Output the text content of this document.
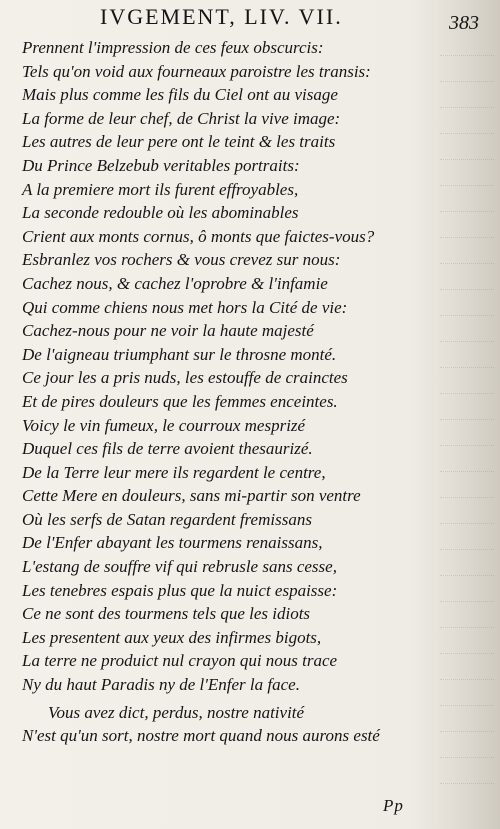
IVGEMENT, LIV. VII.	383
Prennent l'impression de ces feux obscurcis:
Tels qu'on void aux fourneaux paroistre les transis:
Mais plus comme les fils du Ciel ont au visage
La forme de leur chef, de Christ la vive image:
Les autres de leur pere ont le teint & les traits
Du Prince Belzebub veritables portraits:
A la premiere mort ils furent effroyables,
La seconde redouble où les abominables
Crient aux monts cornus, ô monts que faictes-vous?
Esbranlez vos rochers & vous crevez sur nous:
Cachez nous, & cachez l'oprobre & l'infamie
Qui comme chiens nous met hors la Cité de vie:
Cachez-nous pour ne voir la haute majesté
De l'aigneau triumphant sur le throsne monté.
Ce jour les a pris nuds, les estouffe de crainctes
Et de pires douleurs que les femmes enceintes.
Voicy le vin fumeux, le courroux mesprizé
Duquel ces fils de terre avoient thesaurizé.
De la Terre leur mere ils regardent le centre,
Cette Mere en douleurs, sans mi-partir son ventre
Où les serfs de Satan regardent fremissans
De l'Enfer abayant les tourmens renaissans,
L'estang de souffre vif qui rebrusle sans cesse,
Les tenebres espais plus que la nuict espaisse:
Ce ne sont des tourmens tels que les idiots
Les presentent aux yeux des infirmes bigots,
La terre ne produict nul crayon qui nous trace
Ny du haut Paradis ny de l'Enfer la face.
Vous avez dict, perdus, nostre nativité
N'est qu'un sort, nostre mort quand nous aurons esté
Pp
